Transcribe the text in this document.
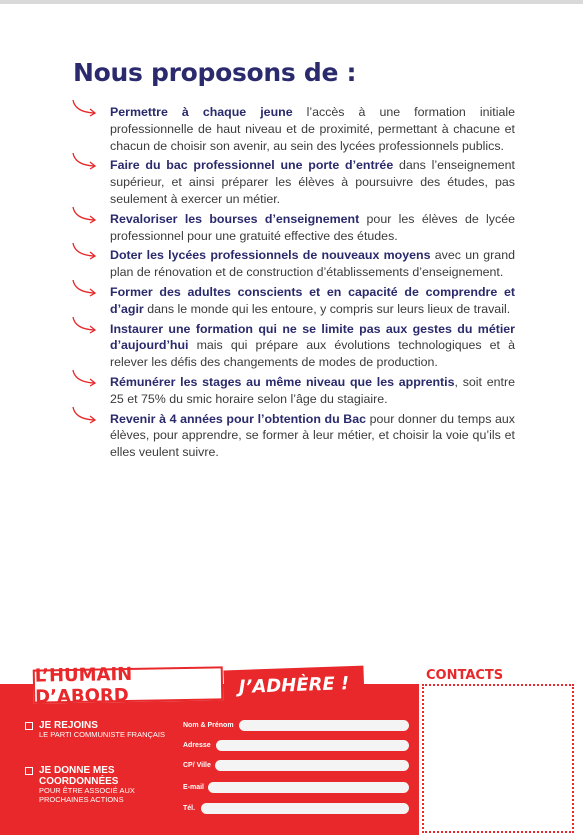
Nous proposons de :
Permettre à chaque jeune l’accès à une formation initiale professionnelle de haut niveau et de proximité, permettant à chacune et chacun de choisir son avenir, au sein des lycées professionnels publics.
Faire du bac professionnel une porte d’entrée dans l’enseignement supérieur, et ainsi préparer les élèves à poursuivre des études, pas seulement à exercer un métier.
Revaloriser les bourses d’enseignement pour les élèves de lycée professionnel pour une gratuité effective des études.
Doter les lycées professionnels de nouveaux moyens avec un grand plan de rénovation et de construction d’établissements d’enseignement.
Former des adultes conscients et en capacité de comprendre et d’agir dans le monde qui les entoure, y compris sur leurs lieux de travail.
Instaurer une formation qui ne se limite pas aux gestes du métier d’aujourd’hui mais qui prépare aux évolutions technologiques et à relever les défis des changements de modes de production.
Rémunérer les stages au même niveau que les apprentis, soit entre 25 et 75% du smic horaire selon l’âge du stagiaire.
Revenir à 4 années pour l’obtention du Bac pour donner du temps aux élèves, pour apprendre, se former à leur métier, et choisir la voie qu’ils et elles veulent suivre.
L’HUMAIN D’ABORD	J’ADHÈRE !
JE REJOINS
LE PARTI COMMUNISTE FRANÇAIS
JE DONNE MES COORDONNÉES
POUR ÊTRE ASSOCIÉ AUX PROCHAINES ACTIONS
Nom & Prénom
Adresse
CP/ Ville
E-mail
Tél.
CONTACTS
